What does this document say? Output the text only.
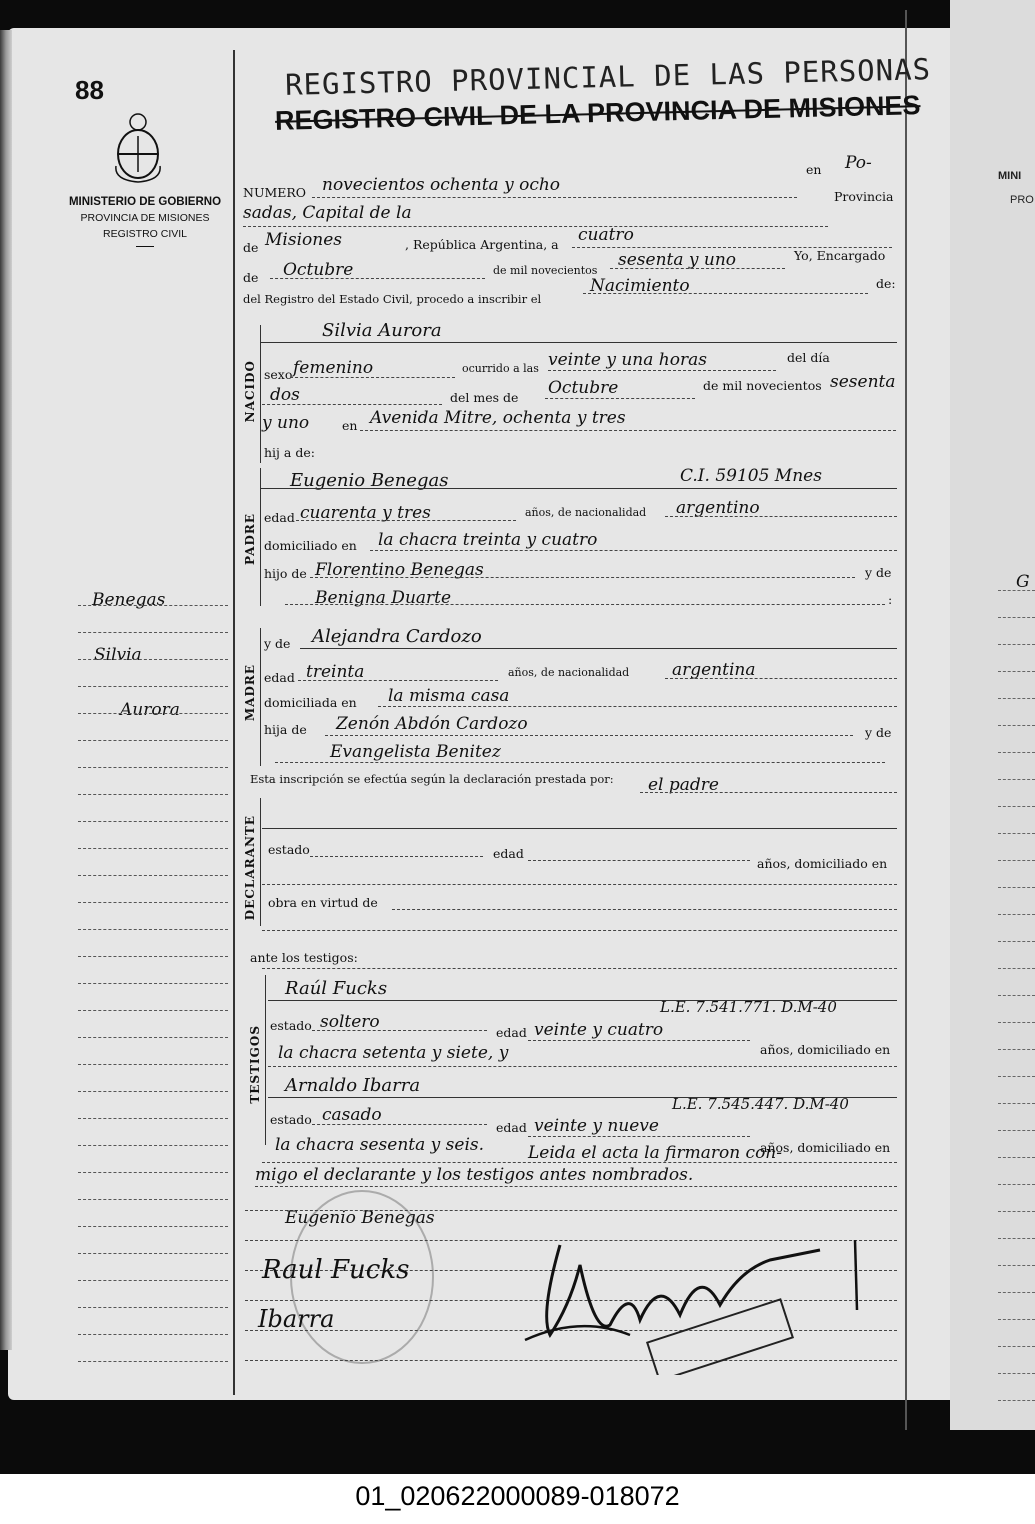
MINI
PRO
G
88
MINISTERIO DE GOBIERNO
PROVINCIA DE MISIONES
REGISTRO CIVIL
REGISTRO PROVINCIAL DE LAS PERSONAS
REGISTRO CIVIL DE LA PROVINCIA DE MISIONES
NUMERO novecientos ochenta y ocho
en Po-
Provincia
sadas, Capital de la
de Misiones	, República Argentina, a cuatro
de Octubre	de mil novecientos
sesenta y uno	Yo, Encargado
del Registro del Estado Civil, procedo a inscribir el
Nacimiento	de:
NACIDO
Silvia Aurora
sexo femenino	ocurrido a las veinte y una horas	del día
dos	del mes de Octubre	de mil novecientos sesenta
y uno	en Avenida Mitre, ochenta y tres
hij a de:
PADRE
Eugenio Benegas	C.I. 59105 Mnes
edad cuarenta y tres	años, de nacionalidad argentino
domiciliado en la chacra treinta y cuatro
hijo de Florentino Benegas	y de
Benigna Duarte	:
MADRE
y de Alejandra Cardozo
edad treinta	años, de nacionalidad	argentina
domiciliada en la misma casa
hija de Zenón Abdón Cardozo	y de
Evangelista Benitez
Esta inscripción se efectúa según la declaración prestada por: el padre
DECLARANTE estado	edad
años, domiciliado en
obra en virtud de
ante los testigos:
TESTIGOS
Raúl Fucks
L.E. 7.541.771. D.M-40
estado soltero
edad veinte y cuatro
años, domiciliado en
la chacra setenta y siete, y
Arnaldo Ibarra
L.E. 7.545.447. D.M-40
estado casado
edad veinte y nueve
años, domiciliado en
la chacra sesenta y seis.	Leida el acta la firmaron con-
migo el declarante y los testigos antes nombrados.
Eugenio Benegas
Raul Fucks
Ibarra
Benegas
Silvia
Aurora
01_020622000089-018072
